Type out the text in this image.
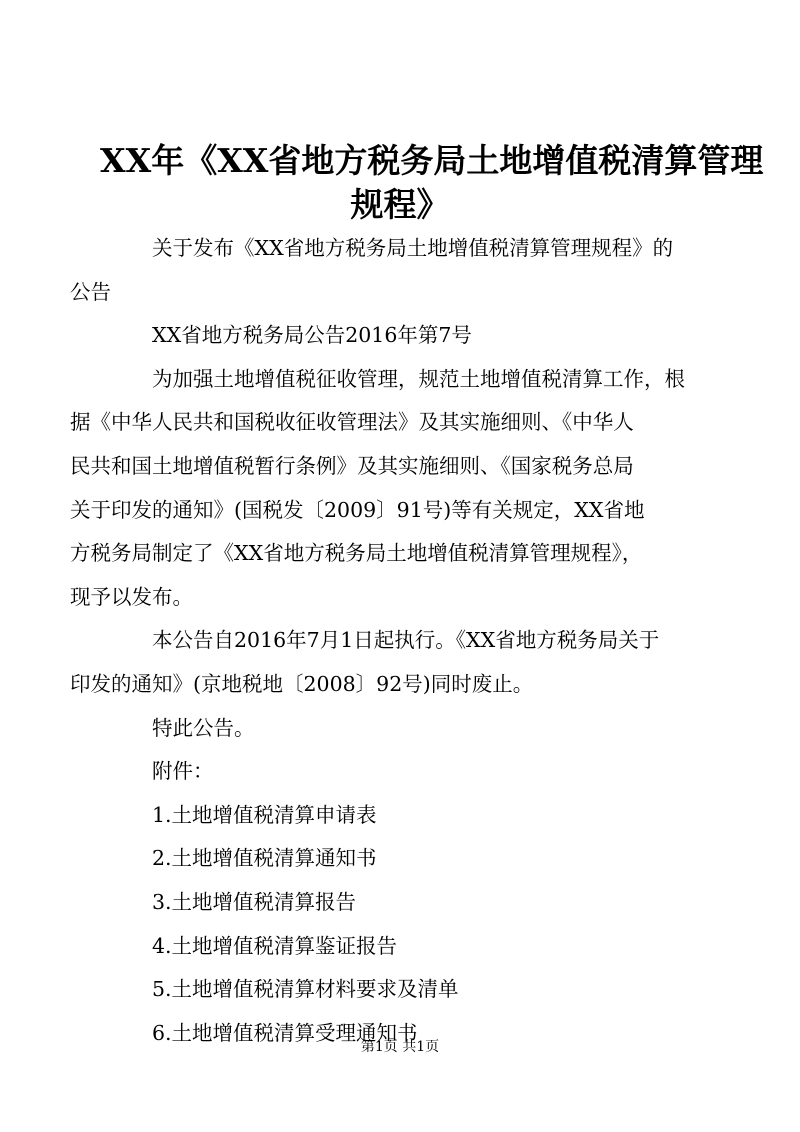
XX年《XX省地方税务局土地增值税清算管理
规程》
关于发布《XX省地方税务局土地增值税清算管理规程》的
公告
XX省地方税务局公告2016年第7号
为加强土地增值税征收管理，规范土地增值税清算工作，根
据《中华人民共和国税收征收管理法》及其实施细则、《中华人
民共和国土地增值税暂行条例》及其实施细则、《国家税务总局
关于印发的通知》(国税发〔2009〕91号)等有关规定，XX省地
方税务局制定了《XX省地方税务局土地增值税清算管理规程》，
现予以发布。
本公告自2016年7月1日起执行。《XX省地方税务局关于
印发的通知》(京地税地〔2008〕92号)同时废止。
特此公告。
附件：
1.土地增值税清算申请表
2.土地增值税清算通知书
3.土地增值税清算报告
4.土地增值税清算鉴证报告
5.土地增值税清算材料要求及清单
6.土地增值税清算受理通知书
第1页 共1页
